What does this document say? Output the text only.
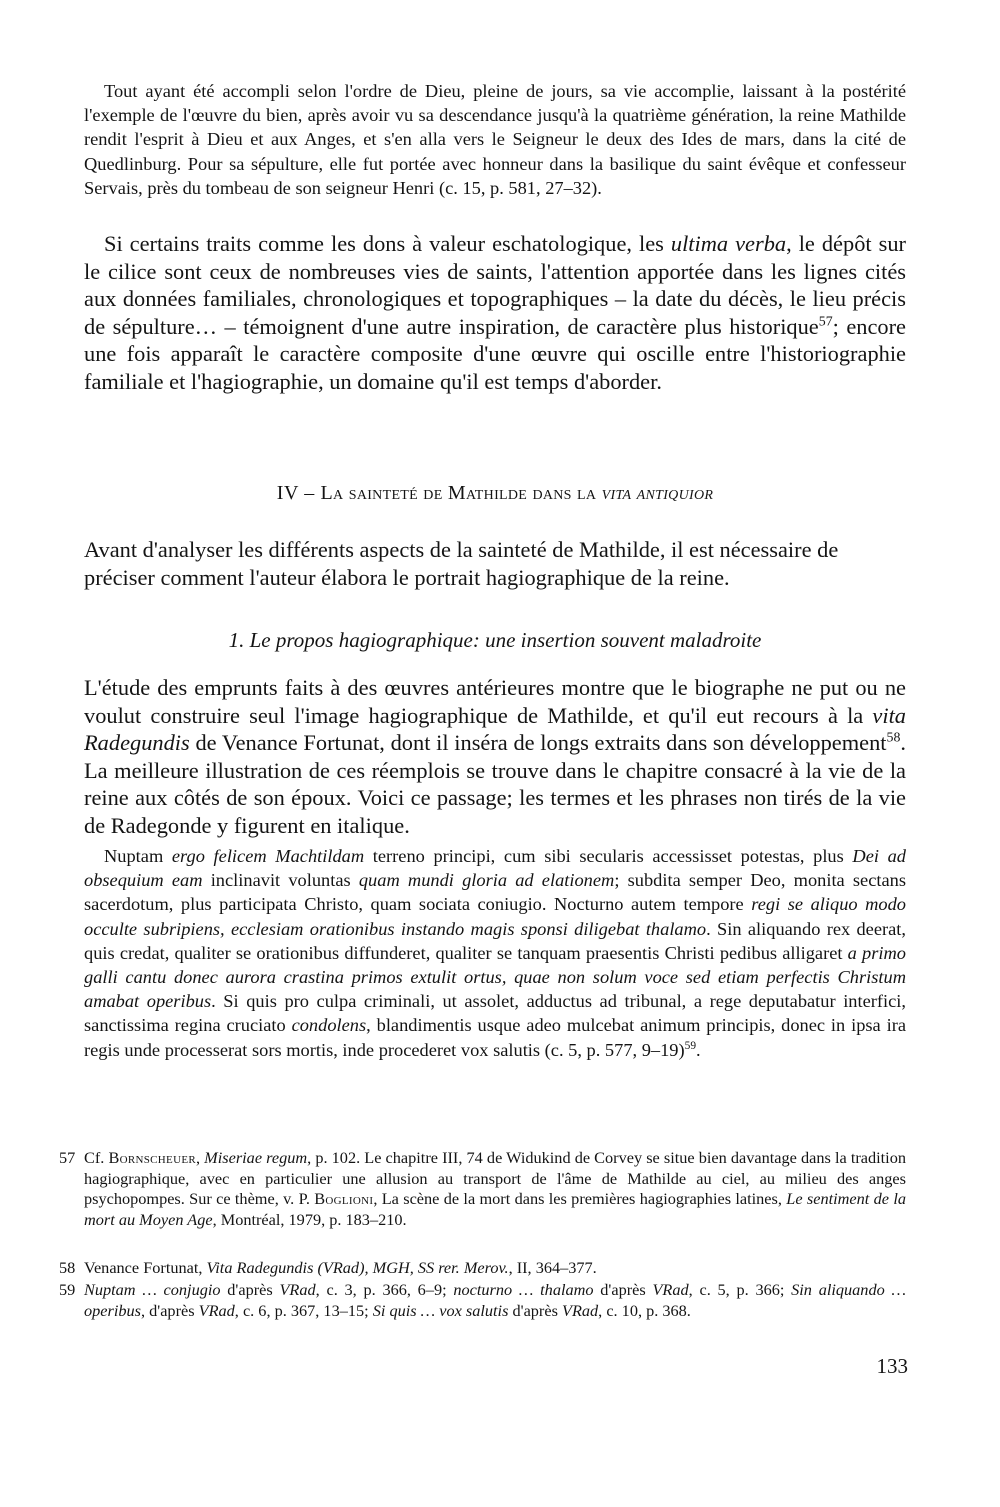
Tout ayant été accompli selon l'ordre de Dieu, pleine de jours, sa vie accomplie, laissant à la postérité l'exemple de l'œuvre du bien, après avoir vu sa descendance jusqu'à la quatrième génération, la reine Mathilde rendit l'esprit à Dieu et aux Anges, et s'en alla vers le Seigneur le deux des Ides de mars, dans la cité de Quedlinburg. Pour sa sépulture, elle fut portée avec honneur dans la basilique du saint évêque et confesseur Servais, près du tombeau de son seigneur Henri (c. 15, p. 581, 27–32).

Si certains traits comme les dons à valeur eschatologique, les ultima verba, le dépôt sur le cilice sont ceux de nombreuses vies de saints, l'attention apportée dans les lignes cités aux données familiales, chronologiques et topographiques – la date du décès, le lieu précis de sépulture… – témoignent d'une autre inspiration, de caractère plus historique$^{57}$; encore une fois apparaît le caractère composite d'une œuvre qui oscille entre l'historiographie familiale et l'hagiographie, un domaine qu'il est temps d'aborder.

IV – La sainteté de Mathilde dans la vita antiquior

Avant d'analyser les différents aspects de la sainteté de Mathilde, il est nécessaire de préciser comment l'auteur élabora le portrait hagiographique de la reine.

1. Le propos hagiographique: une insertion souvent maladroite

L'étude des emprunts faits à des œuvres antérieures montre que le biographe ne put ou ne voulut construire seul l'image hagiographique de Mathilde, et qu'il eut recours à la vita Radegundis de Venance Fortunat, dont il inséra de longs extraits dans son développement$^{58}$. La meilleure illustration de ces réemplois se trouve dans le chapitre consacré à la vie de la reine aux côtés de son époux. Voici ce passage; les termes et les phrases non tirés de la vie de Radegonde y figurent en italique.

Nuptam ergo felicem Machtildam terreno principi, cum sibi secularis accessisset potestas, plus Dei ad obsequium eam inclinavit voluntas quam mundi gloria ad elationem; subdita semper Deo, monita sectans sacerdotum, plus participata Christo, quam sociata coniugio. Nocturno autem tempore regi se aliquo modo occulte subripiens, ecclesiam orationibus instando magis sponsi diligebat thalamo. Sin aliquando rex deerat, quis credat, qualiter se orationibus diffunderet, qualiter se tanquam praesentis Christi pedibus alligaret a primo galli cantu donec aurora crastina primos extulit ortus, quae non solum voce sed etiam perfectis Christum amabat operibus. Si quis pro culpa criminali, ut assolet, adductus ad tribunal, a rege deputabatur interfici, sanctissima regina cruciato condolens, blandimentis usque adeo mulcebat animum principis, donec in ipsa ira regis unde processerat sors mortis, inde procederet vox salutis (c. 5, p. 577, 9–19)$^{59}$.

57 Cf. Bornscheuer, Miseriae regum, p. 102. Le chapitre III, 74 de Widukind de Corvey se situe bien davantage dans la tradition hagiographique, avec en particulier une allusion au transport de l'âme de Mathilde au ciel, au milieu des anges psychopompes. Sur ce thème, v. P. Boglioni, La scène de la mort dans les premières hagiographies latines, Le sentiment de la mort au Moyen Age, Montréal, 1979, p. 183–210.
58 Venance Fortunat, Vita Radegundis (VRad), MGH, SS rer. Merov., II, 364–377.
59 Nuptam … conjugio d'après VRad, c. 3, p. 366, 6–9; nocturno … thalamo d'après VRad, c. 5, p. 366; Sin aliquando … operibus, d'après VRad, c. 6, p. 367, 13–15; Si quis … vox salutis d'après VRad, c. 10, p. 368.
133
